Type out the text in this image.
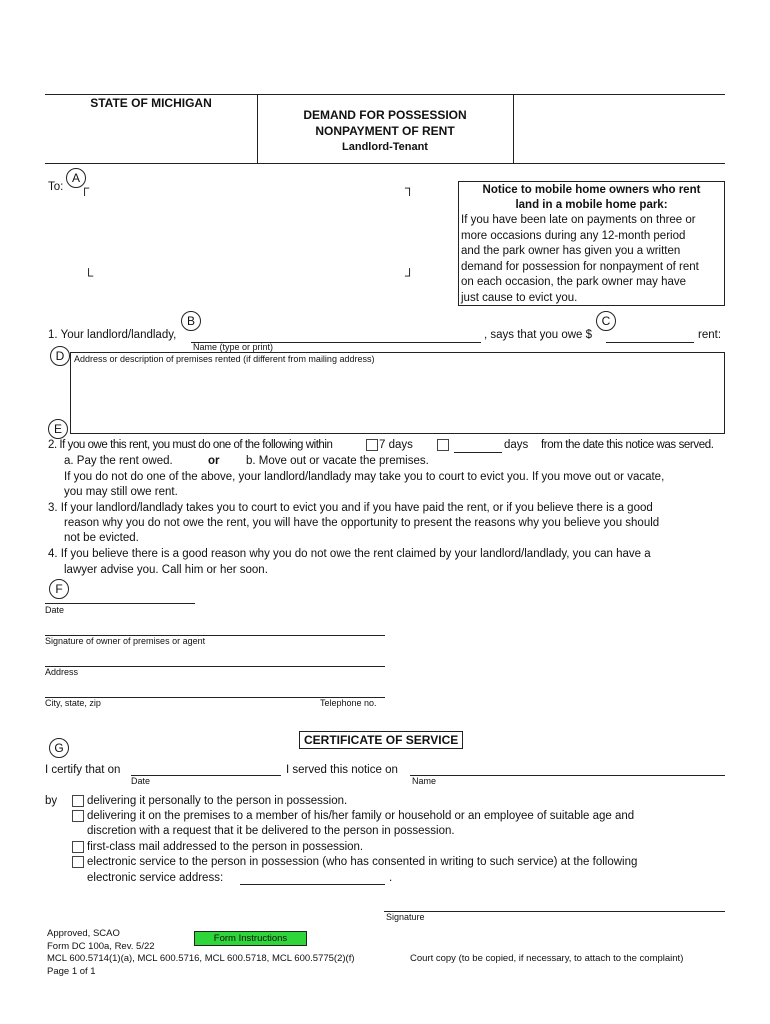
STATE OF MICHIGAN
DEMAND FOR POSSESSION
NONPAYMENT OF RENT
Landlord-Tenant
A
To: ┌	┐
└	┘
Notice to mobile home owners who rent
land in a mobile home park:
If you have been late on payments on three or
more occasions during any 12-month period
and the park owner has given you a written
demand for possession for nonpayment of rent
on each occasion, the park owner may have
just cause to evict you.
B	C
1. Your landlord/landlady,
Name (type or print)
, says that you owe $	rent:
D	Address or description of premises rented (if different from mailing address)
E
2. If you owe this rent, you must do one of the following within	7 days	days from the date this notice was served.
a. Pay the rent owed.	or b. Move out or vacate the premises.
If you do not do one of the above, your landlord/landlady may take you to court to evict you. If you move out or vacate,
you may still owe rent.
3. If your landlord/landlady takes you to court to evict you and if you have paid the rent, or if you believe there is a good
reason why you do not owe the rent, you will have the opportunity to present the reasons why you believe you should
not be evicted.
4. If you believe there is a good reason why you do not owe the rent claimed by your landlord/landlady, you can have a
lawyer advise you. Call him or her soon.
F
Date
Signature of owner of premises or agent
Address
City, state, zip	Telephone no.
G
CERTIFICATE OF SERVICE
I certify that on
Date
I served this notice on
Name
by	delivering it personally to the person in possession.
delivering it on the premises to a member of his/her family or household or an employee of suitable age and
discretion with a request that it be delivered to the person in possession.
first-class mail addressed to the person in possession.
electronic service to the person in possession (who has consented in writing to such service) at the following
electronic service address:	.
Signature
Approved, SCAO
Form DC 100a, Rev. 5/22
MCL 600.5714(1)(a), MCL 600.5716, MCL 600.5718, MCL 600.5775(2)(f)
Page 1 of 1
Form Instructions
Court copy (to be copied, if necessary, to attach to the complaint)
